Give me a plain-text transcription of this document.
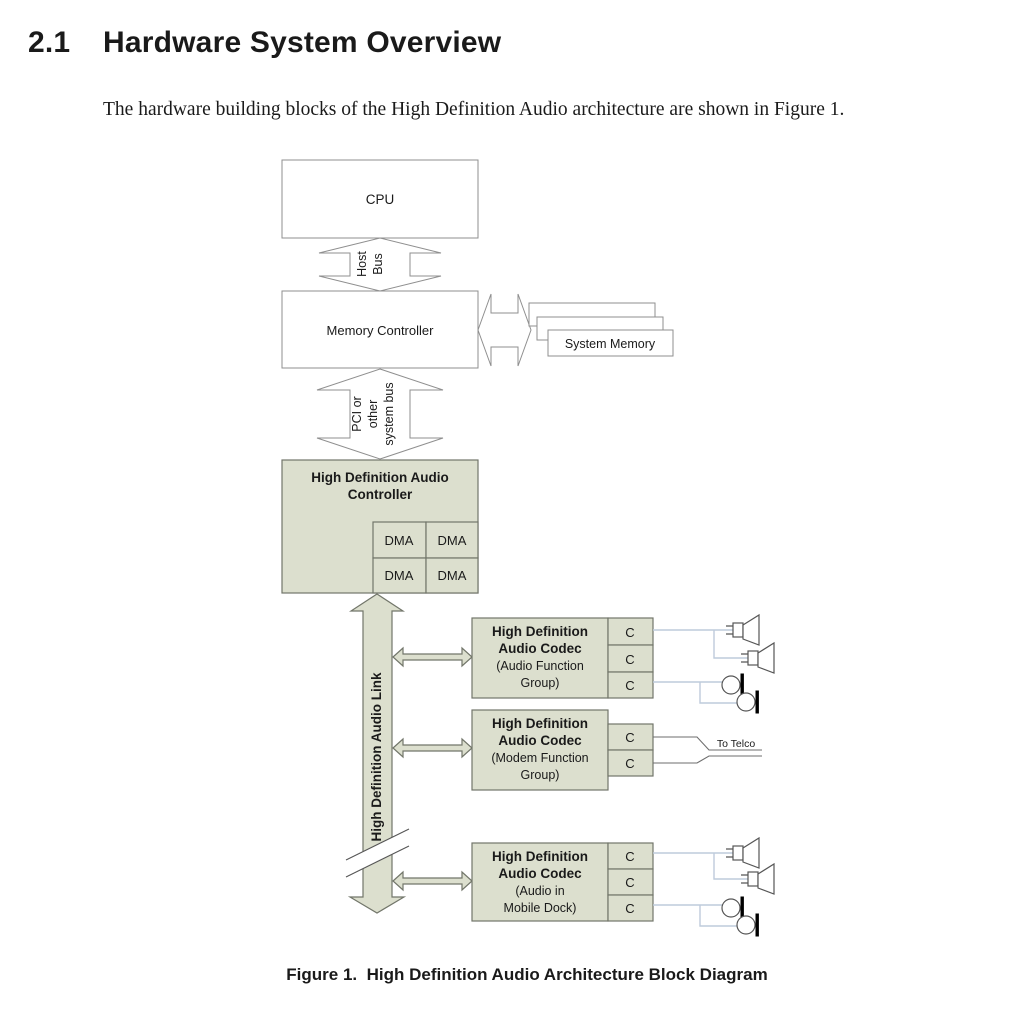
2.1	Hardware System Overview
The hardware building blocks of the High Definition Audio architecture are shown in Figure 1.
CPU
Host Bus
Memory Controller
System Memory
PCI or other system bus
High Definition Audio
Controller
DMA DMA
DMA DMA
High Definition Audio Link
High Definition
Audio Codec
(Audio Function
Group)
C
C
C
High Definition
Audio Codec
(Modem Function
Group)
C
C
To Telco
High Definition
Audio Codec
(Audio in
Mobile Dock)
C
C
C
Figure 1.  High Definition Audio Architecture Block Diagram
